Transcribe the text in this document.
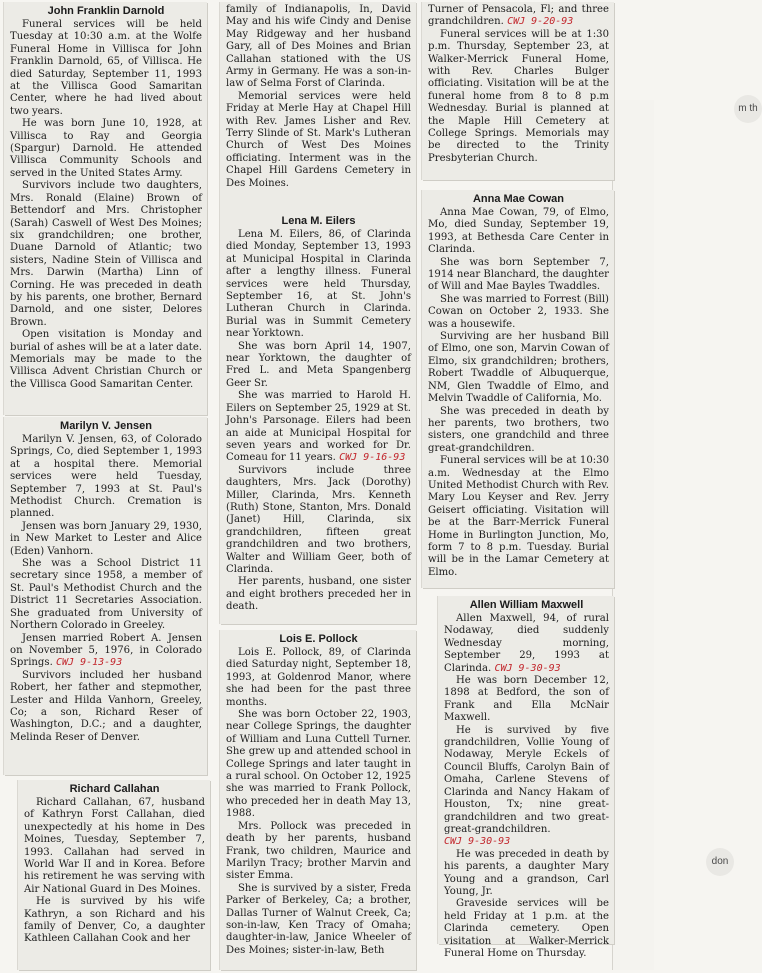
m th
don
John Franklin Darnold

Funeral services will be held Tuesday at 10:30 a.m. at the Wolfe Funeral Home in Villisca for John Franklin Darnold, 65, of Villisca. He died Saturday, September 11, 1993 at the Villisca Good Samaritan Center, where he had lived about two years.

He was born June 10, 1928, at Villisca to Ray and Georgia (Spargur) Darnold. He attended Villisca Community Schools and served in the United States Army.

Survivors include two daughters, Mrs. Ronald (Elaine) Brown of Bettendorf and Mrs. Christopher (Sarah) Caswell of West Des Moines; six grandchildren; one brother, Duane Darnold of Atlantic; two sisters, Nadine Stein of Villisca and Mrs. Darwin (Martha) Linn of Corning. He was preceded in death by his parents, one brother, Bernard Darnold, and one sister, Delores Brown.

Open visitation is Monday and burial of ashes will be at a later date. Memorials may be made to the Villisca Advent Christian Church or the Villisca Good Samaritan Center.

Marilyn V. Jensen

Marilyn V. Jensen, 63, of Colorado Springs, Co, died September 1, 1993 at a hospital there. Memorial services were held Tuesday, September 7, 1993 at St. Paul's Methodist Church. Cremation is planned.

Jensen was born January 29, 1930, in New Market to Lester and Alice (Eden) Vanhorn.

She was a School District 11 secretary since 1958, a member of St. Paul's Methodist Church and the District 11 Secretaries Association. She graduated from University of Northern Colorado in Greeley.

Jensen married Robert A. Jensen on November 5, 1976, in Colorado Springs. CWJ 9-13-93

Survivors included her husband Robert, her father and stepmother, Lester and Hilda Vanhorn, Greeley, Co; a son, Richard Reser of Washington, D.C.; and a daughter, Melinda Reser of Denver.

Richard Callahan

Richard Callahan, 67, husband of Kathryn Forst Callahan, died unexpectedly at his home in Des Moines, Tuesday, September 7, 1993. Callahan had served in World War II and in Korea. Before his retirement he was serving with Air National Guard in Des Moines.

He is survived by his wife Kathryn, a son Richard and his family of Denver, Co, a daughter Kathleen Callahan Cook and her

family of Indianapolis, In, David May and his wife Cindy and Denise May Ridgeway and her husband Gary, all of Des Moines and Brian Callahan stationed with the US Army in Germany. He was a son-in-law of Selma Forst of Clarinda.

Memorial services were held Friday at Merle Hay at Chapel Hill with Rev. James Lisher and Rev. Terry Slinde of St. Mark's Lutheran Church of West Des Moines officiating. Interment was in the Chapel Hill Gardens Cemetery in Des Moines.

Lena M. Eilers

Lena M. Eilers, 86, of Clarinda died Monday, September 13, 1993 at Municipal Hospital in Clarinda after a lengthy illness. Funeral services were held Thursday, September 16, at St. John's Lutheran Church in Clarinda. Burial was in Summit Cemetery near Yorktown.

She was born April 14, 1907, near Yorktown, the daughter of Fred L. and Meta Spangenberg Geer Sr.

She was married to Harold H. Eilers on September 25, 1929 at St. John's Parsonage. Eilers had been an aide at Municipal Hospital for seven years and worked for Dr. Comeau for 11 years. CWJ 9-16-93

Survivors include three daughters, Mrs. Jack (Dorothy) Miller, Clarinda, Mrs. Kenneth (Ruth) Stone, Stanton, Mrs. Donald (Janet) Hill, Clarinda, six grandchildren, fifteen great grandchildren and two brothers, Walter and William Geer, both of Clarinda.

Her parents, husband, one sister and eight brothers preceded her in death.

Lois E. Pollock

Lois E. Pollock, 89, of Clarinda died Saturday night, September 18, 1993, at Goldenrod Manor, where she had been for the past three months.

She was born October 22, 1903, near College Springs, the daughter of William and Luna Cuttell Turner. She grew up and attended school in College Springs and later taught in a rural school. On October 12, 1925 she was married to Frank Pollock, who preceded her in death May 13, 1988.

Mrs. Pollock was preceded in death by her parents, husband Frank, two children, Maurice and Marilyn Tracy; brother Marvin and sister Emma.

She is survived by a sister, Freda Parker of Berkeley, Ca; a brother, Dallas Turner of Walnut Creek, Ca; son-in-law, Ken Tracy of Omaha; daughter-in-law, Janice Wheeler of Des Moines; sister-in-law, Beth

Turner of Pensacola, Fl; and three grandchildren. CWJ 9-20-93

Funeral services will be at 1:30 p.m. Thursday, September 23, at Walker-Merrick Funeral Home, with Rev. Charles Bulger officiating. Visitation will be at the funeral home from 8 to 8 p.m Wednesday. Burial is planned at the Maple Hill Cemetery at College Springs. Memorials may be directed to the Trinity Presbyterian Church.

Anna Mae Cowan

Anna Mae Cowan, 79, of Elmo, Mo, died Sunday, September 19, 1993, at Bethesda Care Center in Clarinda.

She was born September 7, 1914 near Blanchard, the daughter of Will and Mae Bayles Twaddles.

She was married to Forrest (Bill) Cowan on October 2, 1933. She was a housewife.

Surviving are her husband Bill of Elmo, one son, Marvin Cowan of Elmo, six grandchildren; brothers, Robert Twaddle of Albuquerque, NM, Glen Twaddle of Elmo, and Melvin Twaddle of California, Mo.

She was preceded in death by her parents, two brothers, two sisters, one grandchild and three great-grandchildren.

Funeral services will be at 10:30 a.m. Wednesday at the Elmo United Methodist Church with Rev. Mary Lou Keyser and Rev. Jerry Geisert officiating. Visitation will be at the Barr-Merrick Funeral Home in Burlington Junction, Mo, form 7 to 8 p.m. Tuesday. Burial will be in the Lamar Cemetery at Elmo.

Allen William Maxwell

Allen Maxwell, 94, of rural Nodaway, died suddenly Wednesday morning, September 29, 1993 at Clarinda. CWJ 9-30-93

He was born December 12, 1898 at Bedford, the son of Frank and Ella McNair Maxwell.

He is survived by five grandchildren, Vollie Young of Nodaway, Meryle Eckels of Council Bluffs, Carolyn Bain of Omaha, Carlene Stevens of Clarinda and Nancy Hakam of Houston, Tx; nine great-grandchildren and two great-great-grandchildren. CWJ 9-30-93

He was preceded in death by his parents, a daughter Mary Young and a grandson, Carl Young, Jr.

Graveside services will be held Friday at 1 p.m. at the Clarinda cemetery. Open visitation at Walker-Merrick Funeral Home on Thursday.
